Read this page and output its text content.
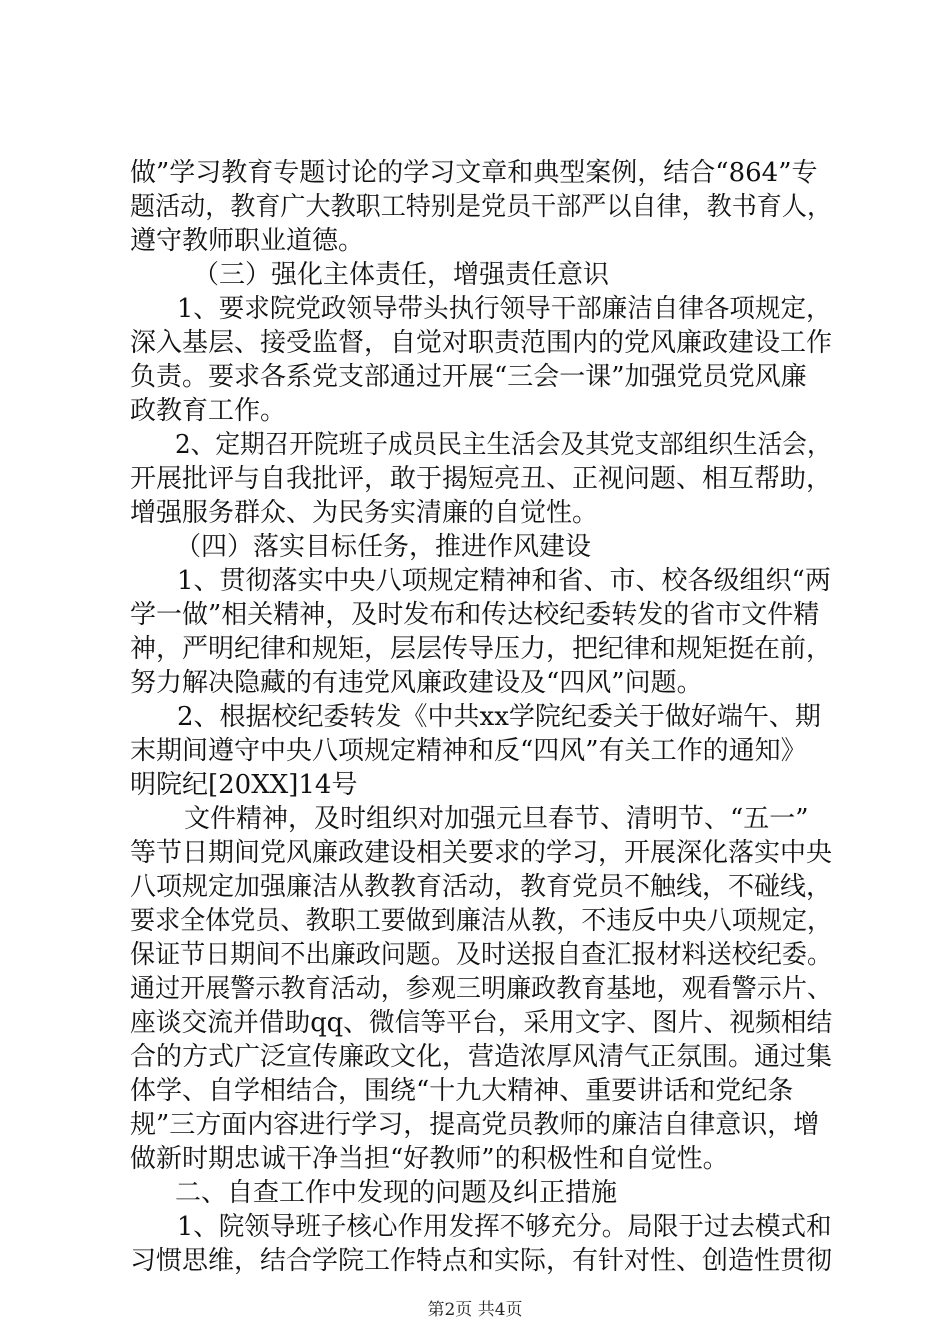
做”学习教育专题讨论的学习文章和典型案例，结合“864”专
题活动，教育广大教职工特别是党员干部严以自律，教书育人，
遵守教师职业道德。
（三）强化主体责任，增强责任意识
1、要求院党政领导带头执行领导干部廉洁自律各项规定，
深入基层、接受监督，自觉对职责范围内的党风廉政建设工作
负责。要求各系党支部通过开展“三会一课”加强党员党风廉
政教育工作。
2、定期召开院班子成员民主生活会及其党支部组织生活会，
开展批评与自我批评，敢于揭短亮丑、正视问题、相互帮助，
增强服务群众、为民务实清廉的自觉性。
（四）落实目标任务，推进作风建设
1、贯彻落实中央八项规定精神和省、市、校各级组织“两
学一做”相关精神，及时发布和传达校纪委转发的省市文件精
神，严明纪律和规矩，层层传导压力，把纪律和规矩挺在前，
努力解决隐藏的有违党风廉政建设及“四风”问题。
2、根据校纪委转发《中共xx学院纪委关于做好端午、期
末期间遵守中央八项规定精神和反“四风”有关工作的通知》
明院纪[20XX]14号
文件精神，及时组织对加强元旦春节、清明节、“五一”
等节日期间党风廉政建设相关要求的学习，开展深化落实中央
八项规定加强廉洁从教教育活动，教育党员不触线，不碰线，
要求全体党员、教职工要做到廉洁从教，不违反中央八项规定，
保证节日期间不出廉政问题。及时送报自查汇报材料送校纪委。
通过开展警示教育活动，参观三明廉政教育基地，观看警示片、
座谈交流并借助qq、微信等平台，采用文字、图片、视频相结
合的方式广泛宣传廉政文化，营造浓厚风清气正氛围。通过集
体学、自学相结合，围绕“十九大精神、重要讲话和党纪条
规”三方面内容进行学习，提高党员教师的廉洁自律意识，增
做新时期忠诚干净当担“好教师”的积极性和自觉性。
二、自查工作中发现的问题及纠正措施
1、院领导班子核心作用发挥不够充分。局限于过去模式和
习惯思维，结合学院工作特点和实际，有针对性、创造性贯彻
第2页 共4页
